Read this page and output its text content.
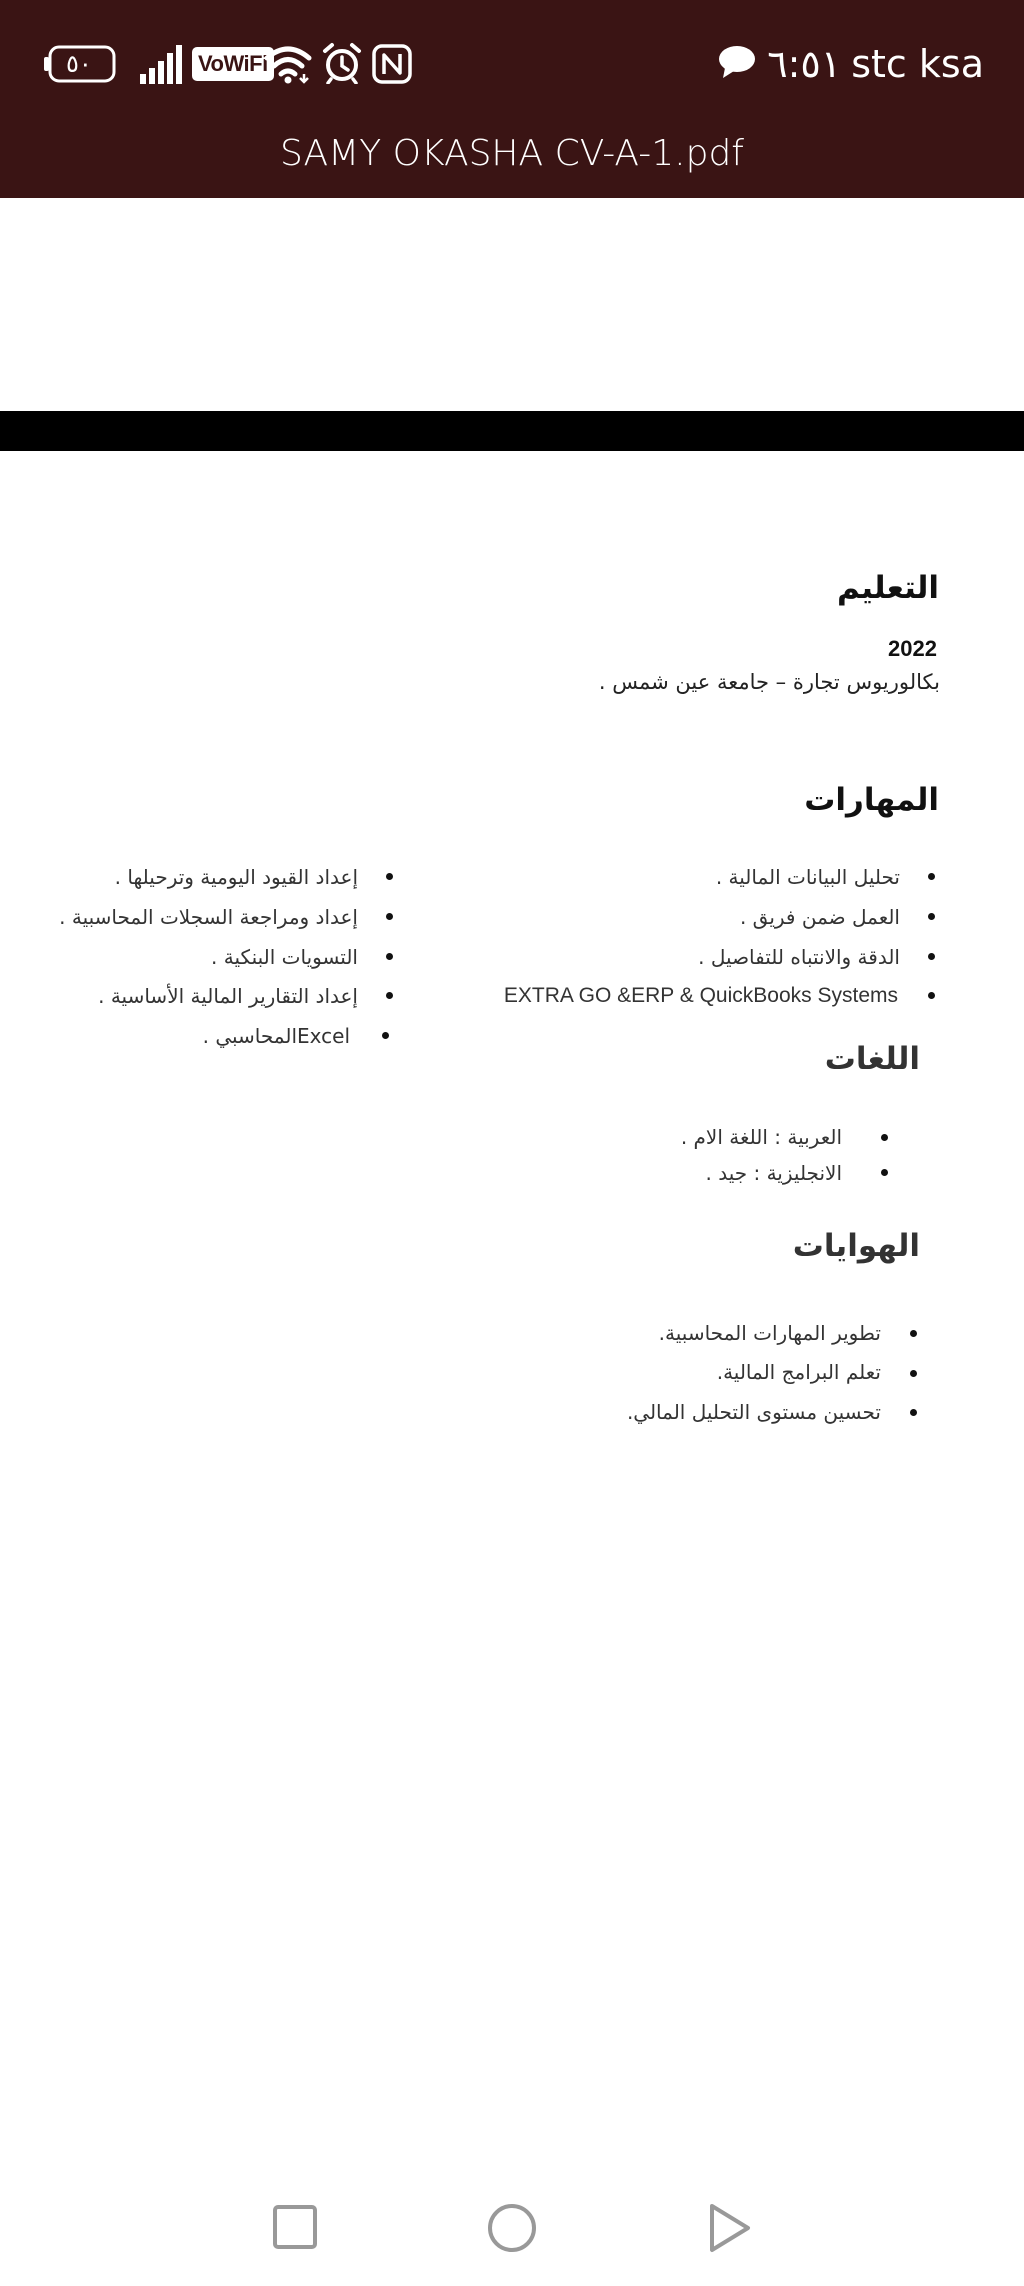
٥٠	VoWiFi	٦:٥١ stc ksa
SAMY OKASHA CV-A-1.pdf
التعليم
2022
بكالوريوس تجارة – جامعة عين شمس .
المهارات
تحليل البيانات المالية .
العمل ضمن فريق .
الدقة والانتباه للتفاصيل .
EXTRA GO &ERP & QuickBooks Systems
إعداد القيود اليومية وترحيلها .
إعداد ومراجعة السجلات المحاسبية .
التسويات البنكية .
إعداد التقارير المالية الأساسية .
Excelالمحاسبي .
اللغات
العربية : اللغة الام .
الانجليزية : جيد .
الهوايات
تطوير المهارات المحاسبية.
تعلم البرامج المالية.
تحسين مستوى التحليل المالي.
